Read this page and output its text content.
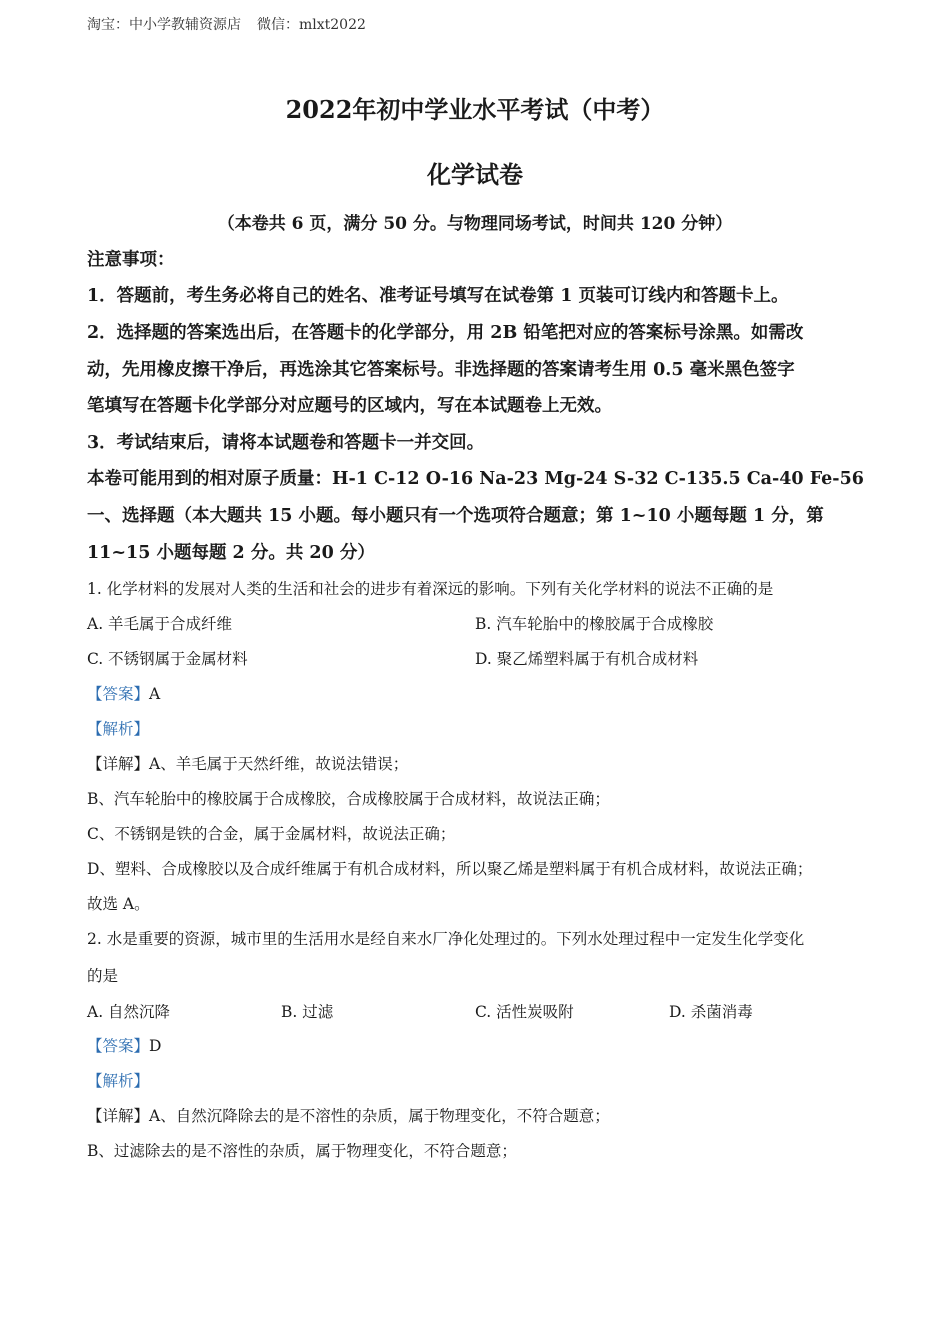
淘宝：中小学教辅资源店 微信：mlxt2022
2022年初中学业水平考试（中考）
化学试卷
（本卷共 6 页，满分 50 分。与物理同场考试，时间共 120 分钟）
注意事项：
1．答题前，考生务必将自己的姓名、准考证号填写在试卷第 1 页装可订线内和答题卡上。
2．选择题的答案选出后，在答题卡的化学部分，用 2B 铅笔把对应的答案标号涂黑。如需改
动，先用橡皮擦干净后，再选涂其它答案标号。非选择题的答案请考生用 0.5 毫米黑色签字
笔填写在答题卡化学部分对应题号的区域内，写在本试题卷上无效。
3．考试结束后，请将本试题卷和答题卡一并交回。
本卷可能用到的相对原子质量：H-1 C-12 O-16 Na-23 Mg-24 S-32 C-135.5 Ca-40 Fe-56
一、选择题（本大题共 15 小题。每小题只有一个选项符合题意；第 1~10 小题每题 1 分，第
11~15 小题每题 2 分。共 20 分）
1. 化学材料的发展对人类的生活和社会的进步有着深远的影响。下列有关化学材料的说法不正确的是
A. 羊毛属于合成纤维	B. 汽车轮胎中的橡胶属于合成橡胶
C. 不锈钢属于金属材料	D. 聚乙烯塑料属于有机合成材料
【答案】A
【解析】
【详解】A、羊毛属于天然纤维，故说法错误；
B、汽车轮胎中的橡胶属于合成橡胶，合成橡胶属于合成材料，故说法正确；
C、不锈钢是铁的合金，属于金属材料，故说法正确；
D、塑料、合成橡胶以及合成纤维属于有机合成材料，所以聚乙烯是塑料属于有机合成材料，故说法正确；
故选 A。
2. 水是重要的资源，城市里的生活用水是经自来水厂净化处理过的。下列水处理过程中一定发生化学变化
的是
A. 自然沉降	B. 过滤	C. 活性炭吸附	D. 杀菌消毒
【答案】D
【解析】
【详解】A、自然沉降除去的是不溶性的杂质，属于物理变化，不符合题意；
B、过滤除去的是不溶性的杂质，属于物理变化，不符合题意；
